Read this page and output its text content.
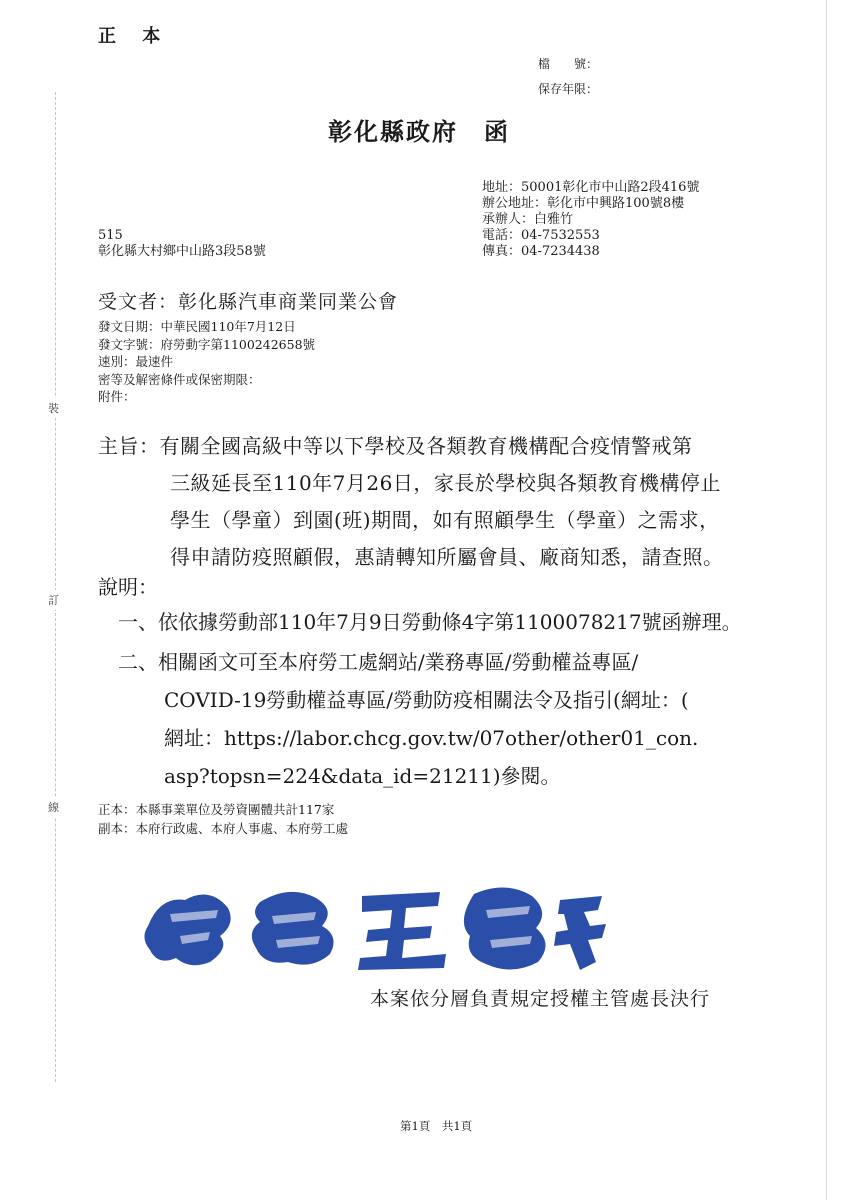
裝
訂
線
正 本
檔　　號：
保存年限：
彰化縣政府 函
地址：50001彰化市中山路2段416號
辦公地址：彰化市中興路100號8樓
承辦人：白雅竹
電話：04-7532553
傳真：04-7234438
515
彰化縣大村鄉中山路3段58號
受文者：彰化縣汽車商業同業公會
發文日期：中華民國110年7月12日
發文字號：府勞動字第1100242658號
速別：最速件
密等及解密條件或保密期限：
附件：
主旨：有關全國高級中等以下學校及各類教育機構配合疫情警戒第
三級延長至110年7月26日，家長於學校與各類教育機構停止
學生（學童）到園(班)期間，如有照顧學生（學童）之需求，
得申請防疫照顧假，惠請轉知所屬會員、廠商知悉，請查照。
說明：
一、依依據勞動部110年7月9日勞動條4字第1100078217號函辦理。
二、相關函文可至本府勞工處網站/業務專區/勞動權益專區/
COVID-19勞動權益專區/勞動防疫相關法令及指引(網址：(
網址：https://labor.chcg.gov.tw/07other/other01_con.
asp?topsn=224&data_id=21211)參閱。
正本：本縣事業單位及勞資團體共計117家
副本：本府行政處、本府人事處、本府勞工處
本案依分層負責規定授權主管處長決行
第1頁　共1頁
